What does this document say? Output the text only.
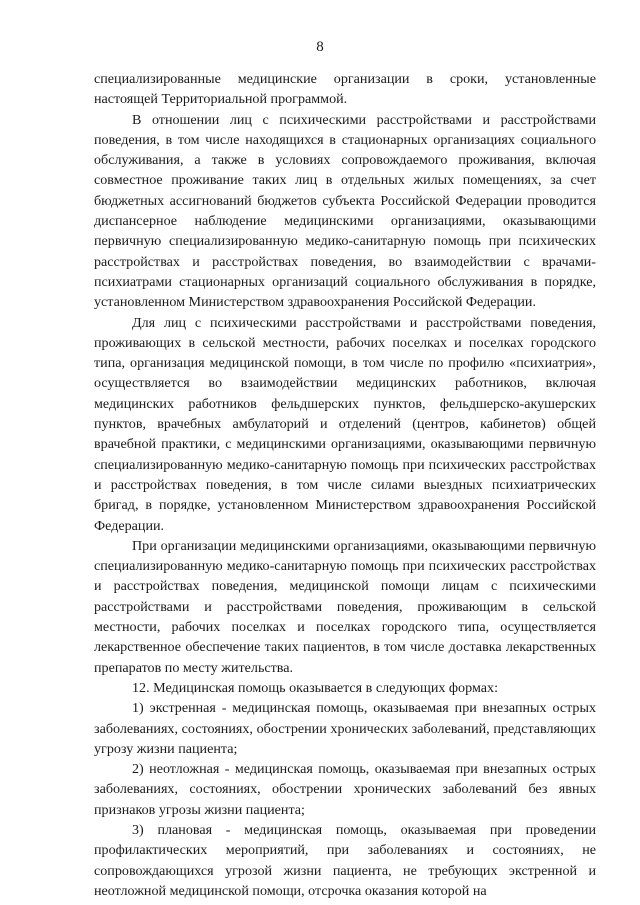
8

специализированные медицинские организации в сроки, установленные настоящей Территориальной программой.

В отношении лиц с психическими расстройствами и расстройствами поведения, в том числе находящихся в стационарных организациях социального обслуживания, а также в условиях сопровождаемого проживания, включая совместное проживание таких лиц в отдельных жилых помещениях, за счет бюджетных ассигнований бюджетов субъекта Российской Федерации проводится диспансерное наблюдение медицинскими организациями, оказывающими первичную специализированную медико-санитарную помощь при психических расстройствах и расстройствах поведения, во взаимодействии с врачами-психиатрами стационарных организаций социального обслуживания в порядке, установленном Министерством здравоохранения Российской Федерации.

Для лиц с психическими расстройствами и расстройствами поведения, проживающих в сельской местности, рабочих поселках и поселках городского типа, организация медицинской помощи, в том числе по профилю «психиатрия», осуществляется во взаимодействии медицинских работников, включая медицинских работников фельдшерских пунктов, фельдшерско-акушерских пунктов, врачебных амбулаторий и отделений (центров, кабинетов) общей врачебной практики, с медицинскими организациями, оказывающими первичную специализированную медико-санитарную помощь при психических расстройствах и расстройствах поведения, в том числе силами выездных психиатрических бригад, в порядке, установленном Министерством здравоохранения Российской Федерации.

При организации медицинскими организациями, оказывающими первичную специализированную медико-санитарную помощь при психических расстройствах и расстройствах поведения, медицинской помощи лицам с психическими расстройствами и расстройствами поведения, проживающим в сельской местности, рабочих поселках и поселках городского типа, осуществляется лекарственное обеспечение таких пациентов, в том числе доставка лекарственных препаратов по месту жительства.

12. Медицинская помощь оказывается в следующих формах:

1) экстренная - медицинская помощь, оказываемая при внезапных острых заболеваниях, состояниях, обострении хронических заболеваний, представляющих угрозу жизни пациента;

2) неотложная - медицинская помощь, оказываемая при внезапных острых заболеваниях, состояниях, обострении хронических заболеваний без явных признаков угрозы жизни пациента;

3) плановая - медицинская помощь, оказываемая при проведении профилактических мероприятий, при заболеваниях и состояниях, не сопровождающихся угрозой жизни пациента, не требующих экстренной и неотложной медицинской помощи, отсрочка оказания которой на
